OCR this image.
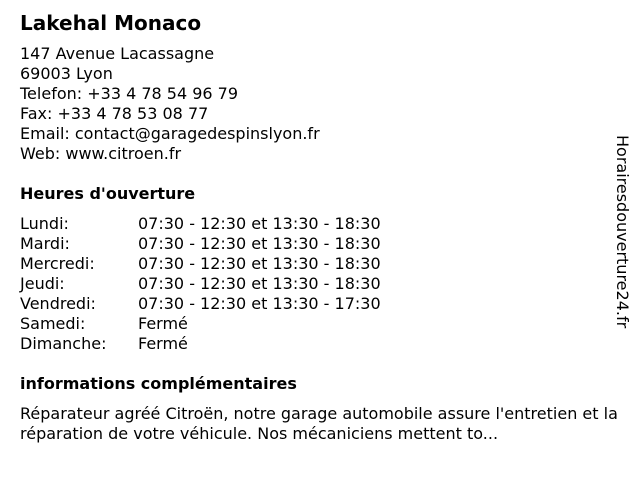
Lakehal Monaco
147 Avenue Lacassagne
69003 Lyon
Telefon: +33 4 78 54 96 79
Fax: +33 4 78 53 08 77
Email: contact@garagedespinslyon.fr
Web: www.citroen.fr
Heures d'ouverture
Lundi:	07:30 - 12:30 et 13:30 - 18:30
Mardi:	07:30 - 12:30 et 13:30 - 18:30
Mercredi:	07:30 - 12:30 et 13:30 - 18:30
Jeudi:	07:30 - 12:30 et 13:30 - 18:30
Vendredi:	07:30 - 12:30 et 13:30 - 17:30
Samedi:	Fermé
Dimanche:	Fermé
informations complémentaires
Réparateur agréé Citroën, notre garage automobile assure l'entretien et la réparation de votre véhicule. Nos mécaniciens mettent to...
Horairesdouverture24.fr
